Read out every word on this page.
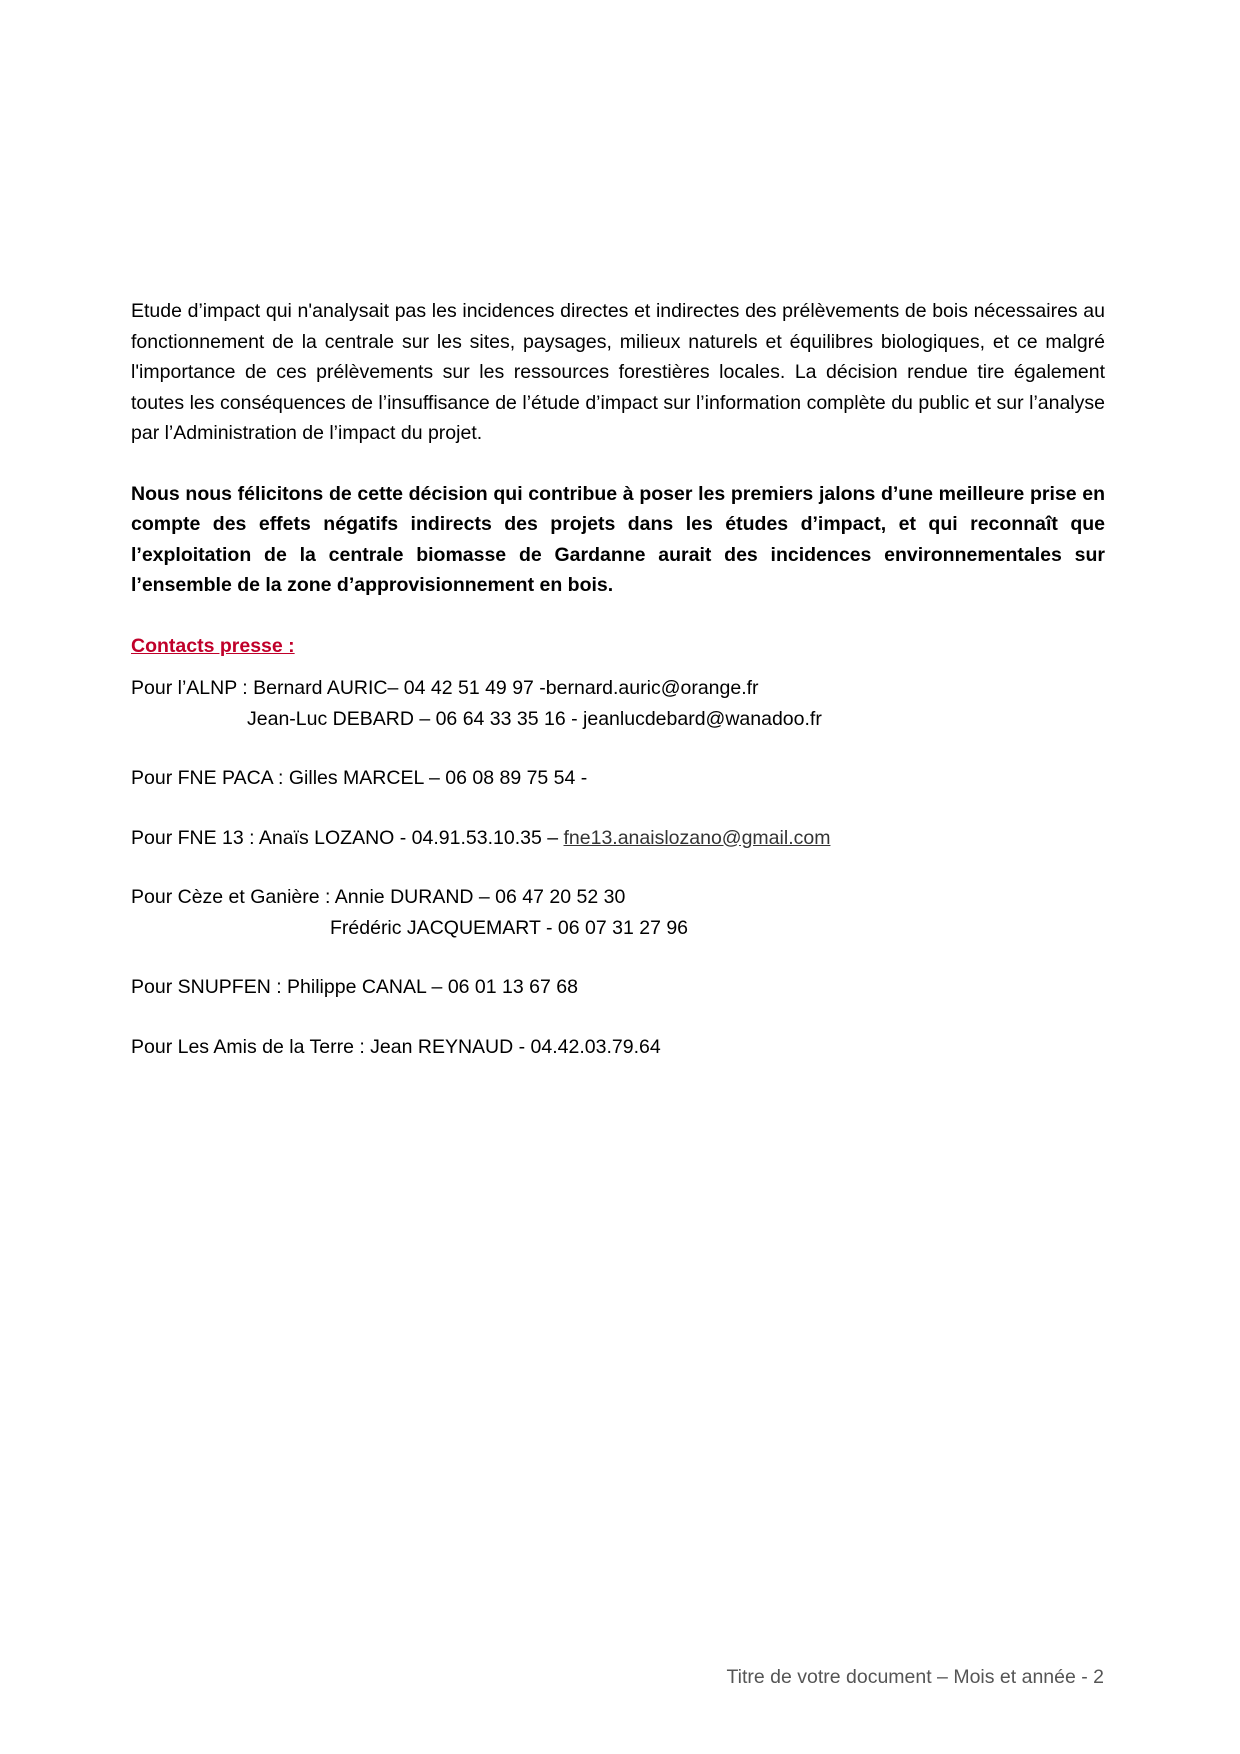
Etude d’impact qui n'analysait pas les incidences directes et indirectes des prélèvements de bois nécessaires au fonctionnement de la centrale sur les sites, paysages, milieux naturels et équilibres biologiques, et ce malgré l'importance de ces prélèvements sur les ressources forestières locales. La décision rendue tire également toutes les conséquences de l’insuffisance de l’étude d’impact sur l’information complète du public et sur l’analyse par l’Administration de l’impact du projet.

Nous nous félicitons de cette décision qui contribue à poser les premiers jalons d’une meilleure prise en compte des effets négatifs indirects des projets dans les études d’impact, et qui reconnaît que l’exploitation de la centrale biomasse de Gardanne aurait des incidences environnementales sur l’ensemble de la zone d’approvisionnement en bois.

Contacts presse :
Pour l’ALNP : Bernard AURIC– 04 42 51 49 97 -bernard.auric@orange.fr
Jean-Luc DEBARD – 06 64 33 35 16 - jeanlucdebard@wanadoo.fr
Pour FNE PACA : Gilles MARCEL – 06 08 89 75 54 -
Pour FNE 13 : Anaïs LOZANO - 04.91.53.10.35 – fne13.anaislozano@gmail.com
Pour Cèze et Ganière : Annie DURAND – 06 47 20 52 30
Frédéric JACQUEMART - 06 07 31 27 96
Pour SNUPFEN : Philippe CANAL – 06 01 13 67 68
Pour Les Amis de la Terre : Jean REYNAUD - 04.42.03.79.64
Titre de votre document – Mois et année - 2
